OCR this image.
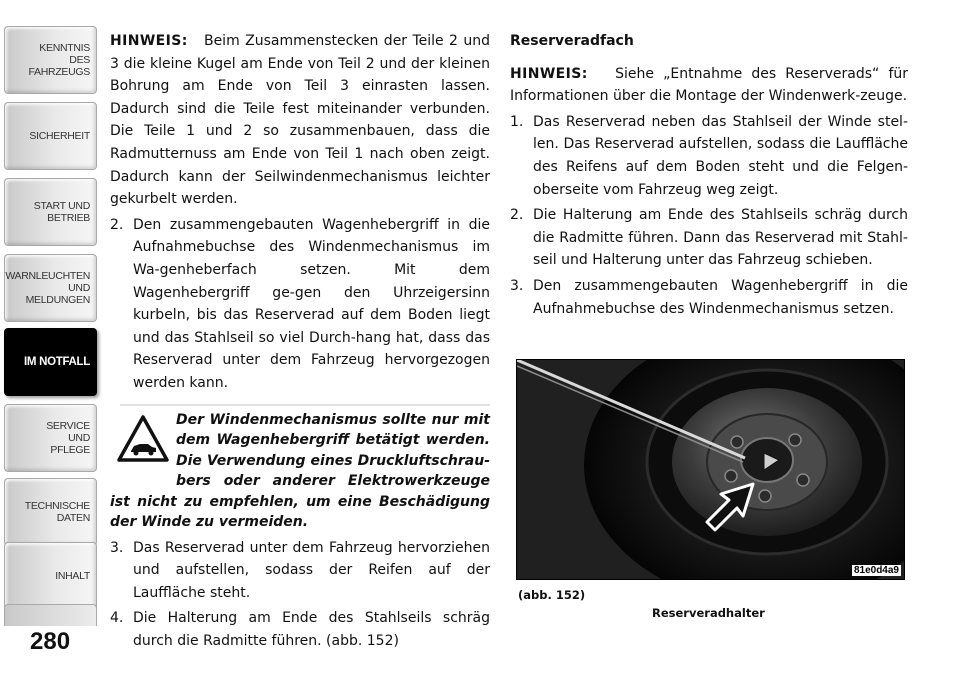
KENNTNIS
DES
FAHRZEUGS
SICHERHEIT
START UND
BETRIEB
WARNLEUCHTEN
UND
MELDUNGEN
IM NOTFALL
SERVICE
UND
PFLEGE
TECHNISCHE
DATEN
INHALT
280

HINWEIS: Beim Zusammenstecken der Teile 2 und 3 die kleine Kugel am Ende von Teil 2 und der kleinen Bohrung am Ende von Teil 3 einrasten lassen. Dadurch sind die Teile fest miteinander verbunden. Die Teile 1 und 2 so zusammenbauen, dass die Radmutternuss am Ende von Teil 1 nach oben zeigt. Dadurch kann der Seilwindenmechanismus leichter gekurbelt werden.

2. Den zusammengebauten Wagenhebergriff in die Aufnahmebuchse des Windenmechanismus im Wa-genheberfach setzen. Mit dem Wagenhebergriff ge-gen den Uhrzeigersinn kurbeln, bis das Reserverad auf dem Boden liegt und das Stahlseil so viel Durch-hang hat, dass das Reserverad unter dem Fahrzeug hervorgezogen werden kann.
Der Windenmechanismus sollte nur mit dem Wagenhebergriff betätigt werden. Die Verwendung eines Druckluftschrau-bers oder anderer Elektrowerkzeuge ist nicht zu empfehlen, um eine Beschädigung der Winde zu vermeiden.
3. Das Reserverad unter dem Fahrzeug hervorziehen und aufstellen, sodass der Reifen auf der Lauffläche steht.
4. Die Halterung am Ende des Stahlseils schräg durch die Radmitte führen. (abb. 152)

Reserveradfach

HINWEIS: Siehe „Entnahme des Reserverads“ für Informationen über die Montage der Windenwerk-zeuge.

1. Das Reserverad neben das Stahlseil der Winde stel-len. Das Reserverad aufstellen, sodass die Lauffläche des Reifens auf dem Boden steht und die Felgen-oberseite vom Fahrzeug weg zeigt.
2. Die Halterung am Ende des Stahlseils schräg durch die Radmitte führen. Dann das Reserverad mit Stahl-seil und Halterung unter das Fahrzeug schieben.
3. Den zusammengebauten Wagenhebergriff in die Aufnahmebuchse des Windenmechanismus setzen.
81e0d4a9
(abb. 152)
Reserveradhalter
